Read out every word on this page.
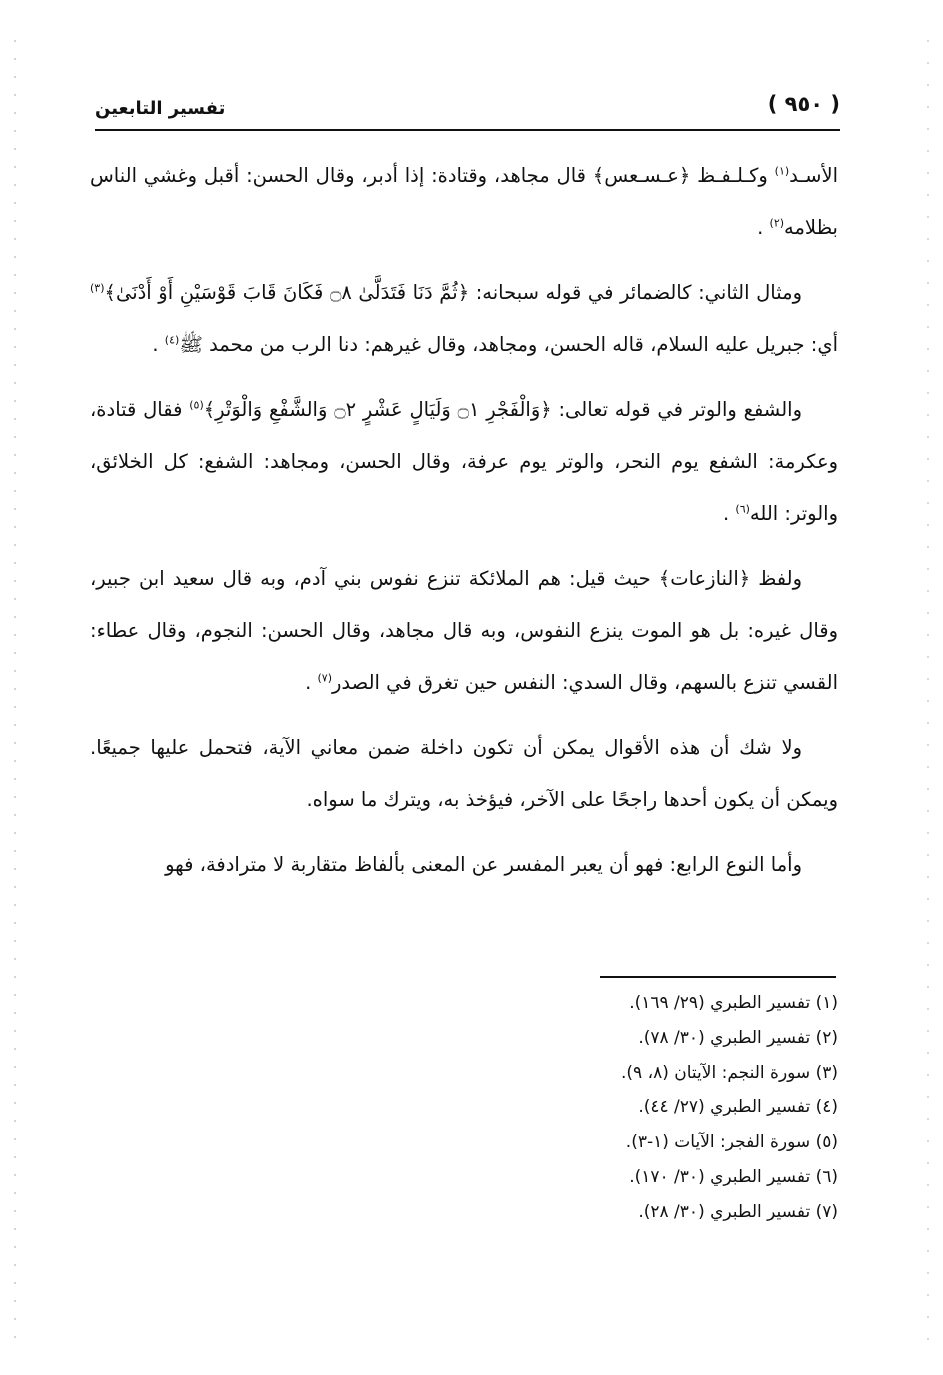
( ٩٥٠ )
تفسير التابعين

الأسـد$^{(١)}$ وكـلـفـظ ﴿عـسـعس﴾ قال مجاهد، وقتادة: إذا أدبر، وقال الحسن: أقبل وغشي الناس بظلامه$^{(٢)}$ .

ومثال الثاني: كالضمائر في قوله سبحانه: ﴿ثُمَّ دَنَا فَتَدَلَّىٰ ۝٨ فَكَانَ قَابَ قَوْسَيْنِ أَوْ أَدْنَىٰ﴾$^{(٣)}$ أي: جبريل عليه السلام، قاله الحسن، ومجاهد، وقال غيرهم: دنا الرب من محمد ﷺ$^{(٤)}$ .

والشفع والوتر في قوله تعالى: ﴿وَالْفَجْرِ ۝١ وَلَيَالٍ عَشْرٍ ۝٢ وَالشَّفْعِ وَالْوَتْرِ﴾$^{(٥)}$ فقال قتادة، وعكرمة: الشفع يوم النحر، والوتر يوم عرفة، وقال الحسن، ومجاهد: الشفع: كل الخلائق، والوتر: الله$^{(٦)}$ .

ولفظ ﴿النازعات﴾ حيث قيل: هم الملائكة تنزع نفوس بني آدم، وبه قال سعيد ابن جبير، وقال غيره: بل هو الموت ينزع النفوس، وبه قال مجاهد، وقال الحسن: النجوم، وقال عطاء: القسي تنزع بالسهم، وقال السدي: النفس حين تغرق في الصدر$^{(٧)}$ .

ولا شك أن هذه الأقوال يمكن أن تكون داخلة ضمن معاني الآية، فتحمل عليها جميعًا. ويمكن أن يكون أحدها راجحًا على الآخر، فيؤخذ به، ويترك ما سواه.

وأما النوع الرابع: فهو أن يعبر المفسر عن المعنى بألفاظ متقاربة لا مترادفة، فهو

(١) تفسير الطبري (٢٩/ ١٦٩).
(٢) تفسير الطبري (٣٠/ ٧٨).
(٣) سورة النجم: الآيتان (٨، ٩).
(٤) تفسير الطبري (٢٧/ ٤٤).
(٥) سورة الفجر: الآيات (١-٣).
(٦) تفسير الطبري (٣٠/ ١٧٠).
(٧) تفسير الطبري (٣٠/ ٢٨).
